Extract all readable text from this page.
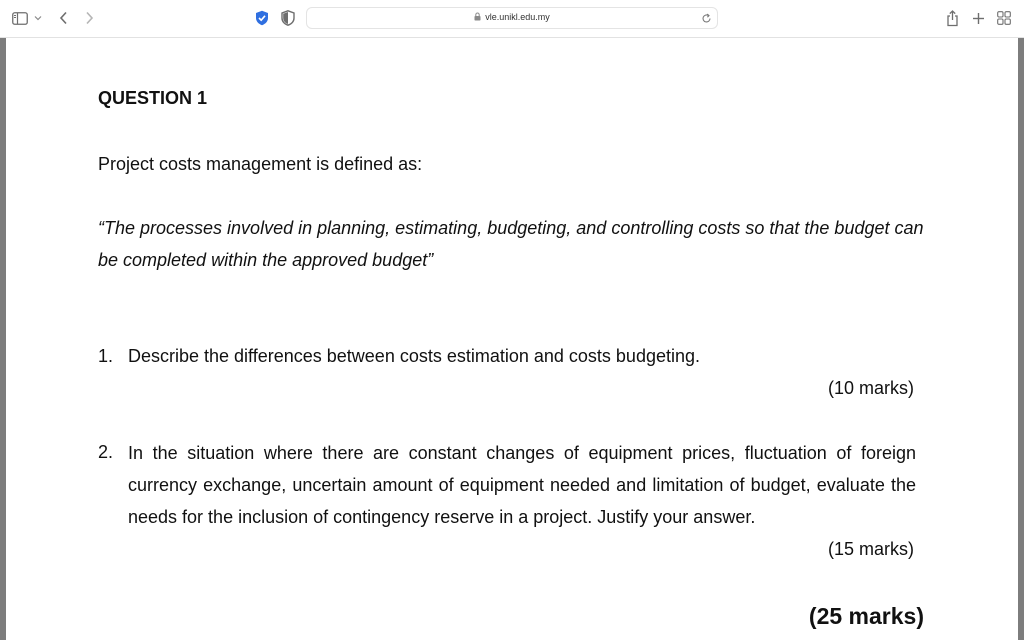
vle.unikl.edu.my
QUESTION 1
Project costs management is defined as:
“The processes involved in planning, estimating, budgeting, and controlling costs so that the budget can be completed within the approved budget”
1. Describe the differences between costs estimation and costs budgeting.
(10 marks)
2. In the situation where there are constant changes of equipment prices, fluctuation of foreign currency exchange, uncertain amount of equipment needed and limitation of budget, evaluate the needs for the inclusion of contingency reserve in a project. Justify your answer.
(15 marks)
(25 marks)
